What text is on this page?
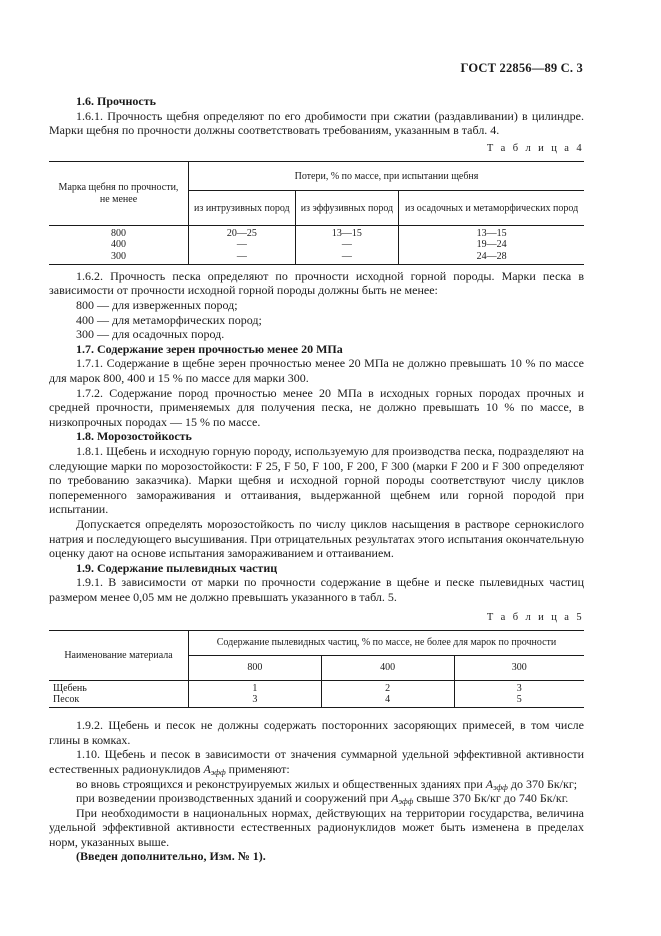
ГОСТ 22856—89 С. 3

1.6. Прочность

1.6.1. Прочность щебня определяют по его дробимости при сжатии (раздавливании) в цилиндре. Марки щебня по прочности должны соответствовать требованиям, указанным в табл. 4.

Т а б л и ц а 4
Марка щебня по прочности, не менее	Потери, % по массе, при испытании щебня		
	из интрузивных пород	из эффузивных пород	из осадочных и метаморфических пород

800	20—25	13—15	13—15
400	—	—	19—24
300	—	—	24—28

1.6.2. Прочность песка определяют по прочности исходной горной породы. Марки песка в зависимости от прочности исходной горной породы должны быть не менее:

800 — для изверженных пород;

400 — для метаморфических пород;

300 — для осадочных пород.

1.7. Содержание зерен прочностью менее 20 МПа

1.7.1. Содержание в щебне зерен прочностью менее 20 МПа не должно превышать 10 % по массе для марок 800, 400 и 15 % по массе для марки 300.

1.7.2. Содержание пород прочностью менее 20 МПа в исходных горных породах прочных и средней прочности, применяемых для получения песка, не должно превышать 10 % по массе, в низкопрочных породах — 15 % по массе.

1.8. Морозостойкость

1.8.1. Щебень и исходную горную породу, используемую для производства песка, подразделяют на следующие марки по морозостойкости: F 25, F 50, F 100, F 200, F 300 (марки F 200 и F 300 определяют по требованию заказчика). Марки щебня и исходной горной породы соответствуют числу циклов попеременного замораживания и оттаивания, выдержанной щебнем или горной породой при испытании.

Допускается определять морозостойкость по числу циклов насыщения в растворе сернокислого натрия и последующего высушивания. При отрицательных результатах этого испытания окончательную оценку дают на основе испытания замораживанием и оттаиванием.

1.9. Содержание пылевидных частиц

1.9.1. В зависимости от марки по прочности содержание в щебне и песке пылевидных частиц размером менее 0,05 мм не должно превышать указанного в табл. 5.

Т а б л и ц а 5
Наименование материала	Содержание пылевидных частиц, % по массе, не более для марок по прочности		
	800	400	300

Щебень	1	2	3
Песок	3	4	5

1.9.2. Щебень и песок не должны содержать посторонних засоряющих примесей, в том числе глины в комках.

1.10. Щебень и песок в зависимости от значения суммарной удельной эффективной активности естественных радионуклидов $A_{эфф}$ применяют:

во вновь строящихся и реконструируемых жилых и общественных зданиях при $A_{эфф}$ до 370 Бк/кг;

при возведении производственных зданий и сооружений при $A_{эфф}$ свыше 370 Бк/кг до 740 Бк/кг.

При необходимости в национальных нормах, действующих на территории государства, величина удельной эффективной активности естественных радионуклидов может быть изменена в пределах норм, указанных выше.

(Введен дополнительно, Изм. № 1).
